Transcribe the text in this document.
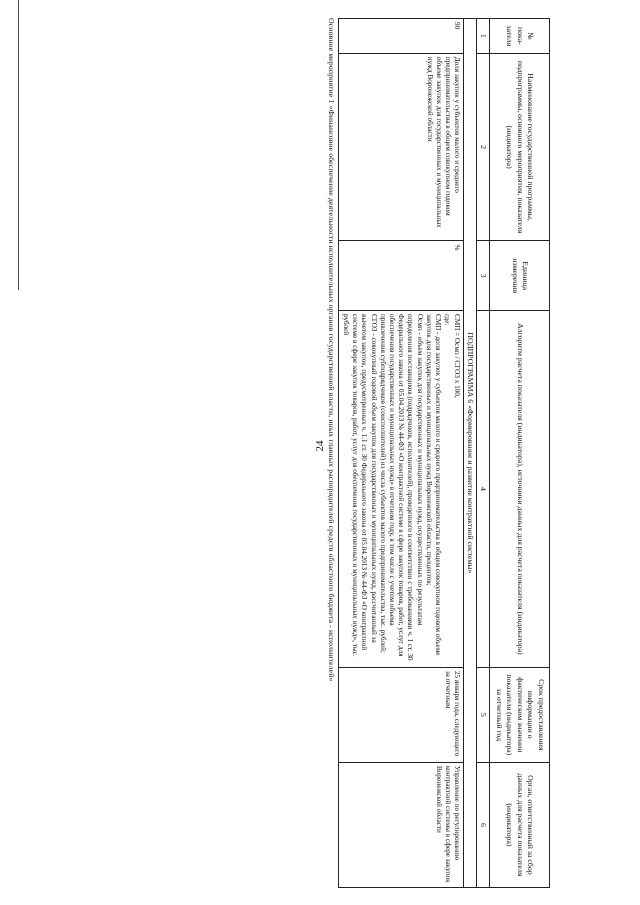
24
№ пока-зателя	Наименование государственной программы, подпрограммы, основного мероприятия, показателя (индикатора)	Единица измерения	Алгоритм расчета показателя (индикатора), источники данных для расчета показателя (индикатора)	Срок предоставления информации о фактическом значении показателя (индикатора) за отчетный год	Орган, ответственный за сбор данных для расчета показателя (индикатора)
1	2	3	4	5	6
ПОДПРОГРАММА 6 «Формирование и развитие контрактной системы»					
90	Доля закупок у субъектов малого и среднего предпринимательства в общем совокупном годовом объеме закупок для государственных и муниципальных нужд Воронежской области	%	СМП = Осмп / СГОЗ х 100,
где:
СМП - доля закупок у субъектов малого и среднего предпринимательства в общем совокупном годовом объеме закупок для государственных и муниципальных нужд Воронежской области, процентов;
Осмп - объем закупок для государственных и муниципальных нужд, осуществленных по результатам определения поставщиков (подрядчиков, исполнителей), проведенного в соответствии с требованиями ч. 1 ст. 30 Федерального закона от 05.04.2013 № 44-ФЗ «О контрактной системе в сфере закупок товаров, работ, услуг для обеспечения государственных и муниципальных нужд» в отчетном году, в том числе с учетом объема привлечения субподрядчиков (соисполнителей) из числа субъектов малого предпринимательства, тыс. рублей;
СГОЗ - совокупный годовой объем закупок для государственных и муниципальных нужд, рассчитанный за вычетом закупок, предусмотренных ч. 1.1 ст. 30 Федерального закона от 05.04.2013 № 44-ФЗ «О контрактной системе в сфере закупок товаров, работ, услуг для обеспечения государственных и муниципальных нужд», тыс. рублей	25 января года, следующего за отчетным	Управление по регулированию контрактной системы в сфере закупок Воронежской области
Основное мероприятие 1 «Финансовое обеспечение деятельности исполнительных органов государственной власти, иных главных распорядителей средств областного бюджета - исполнителей»
